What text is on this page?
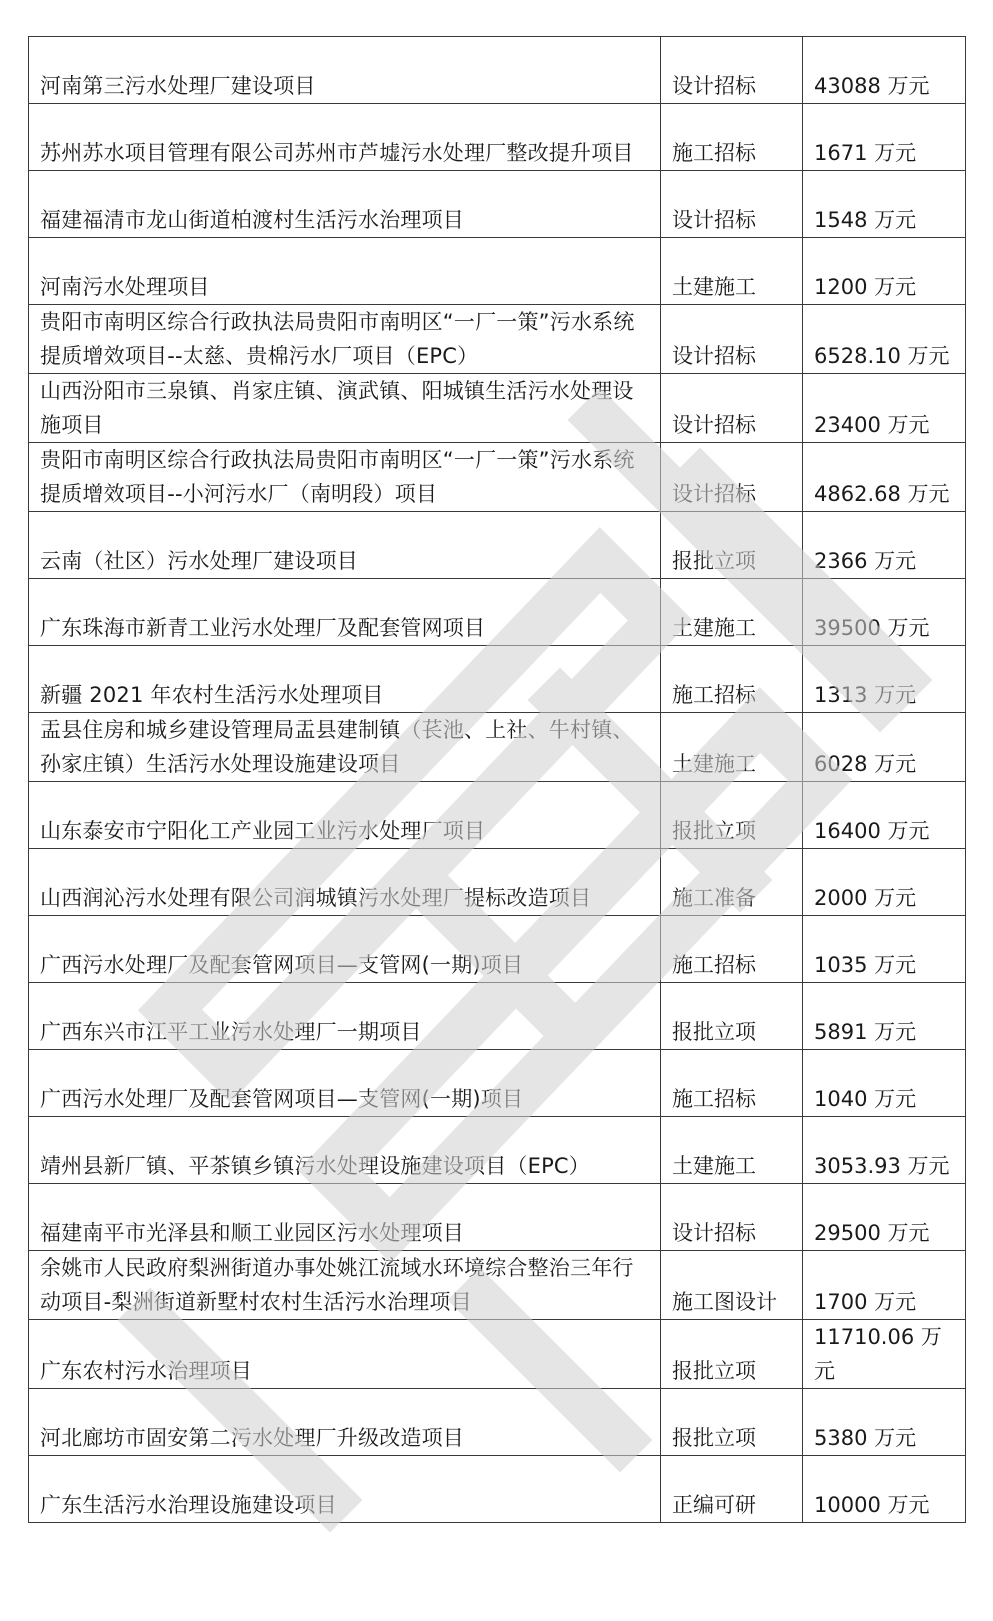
河南第三污水处理厂建设项目	设计招标	43088 万元
苏州苏水项目管理有限公司苏州市芦墟污水处理厂整改提升项目	施工招标	1671 万元
福建福清市龙山街道柏渡村生活污水治理项目	设计招标	1548 万元
河南污水处理项目	土建施工	1200 万元
贵阳市南明区综合行政执法局贵阳市南明区“一厂一策”污水系统提质增效项目--太慈、贵棉污水厂项目（EPC）	设计招标	6528.10 万元
山西汾阳市三泉镇、肖家庄镇、演武镇、阳城镇生活污水处理设施项目	设计招标	23400 万元
贵阳市南明区综合行政执法局贵阳市南明区“一厂一策”污水系统提质增效项目--小河污水厂（南明段）项目	设计招标	4862.68 万元
云南（社区）污水处理厂建设项目	报批立项	2366 万元
广东珠海市新青工业污水处理厂及配套管网项目	土建施工	39500 万元
新疆 2021 年农村生活污水处理项目	施工招标	1313 万元
盂县住房和城乡建设管理局盂县建制镇（苌池、上社、牛村镇、孙家庄镇）生活污水处理设施建设项目	土建施工	6028 万元
山东泰安市宁阳化工产业园工业污水处理厂项目	报批立项	16400 万元
山西润沁污水处理有限公司润城镇污水处理厂提标改造项目	施工准备	2000 万元
广西污水处理厂及配套管网项目—支管网(一期)项目	施工招标	1035 万元
广西东兴市江平工业污水处理厂一期项目	报批立项	5891 万元
广西污水处理厂及配套管网项目—支管网(一期)项目	施工招标	1040 万元
靖州县新厂镇、平茶镇乡镇污水处理设施建设项目（EPC）	土建施工	3053.93 万元
福建南平市光泽县和顺工业园区污水处理项目	设计招标	29500 万元
余姚市人民政府梨洲街道办事处姚江流域水环境综合整治三年行动项目-梨洲街道新墅村农村生活污水治理项目	施工图设计	1700 万元
广东农村污水治理项目	报批立项	11710.06 万元
河北廊坊市固安第二污水处理厂升级改造项目	报批立项	5380 万元
广东生活污水治理设施建设项目	正编可研	10000 万元
